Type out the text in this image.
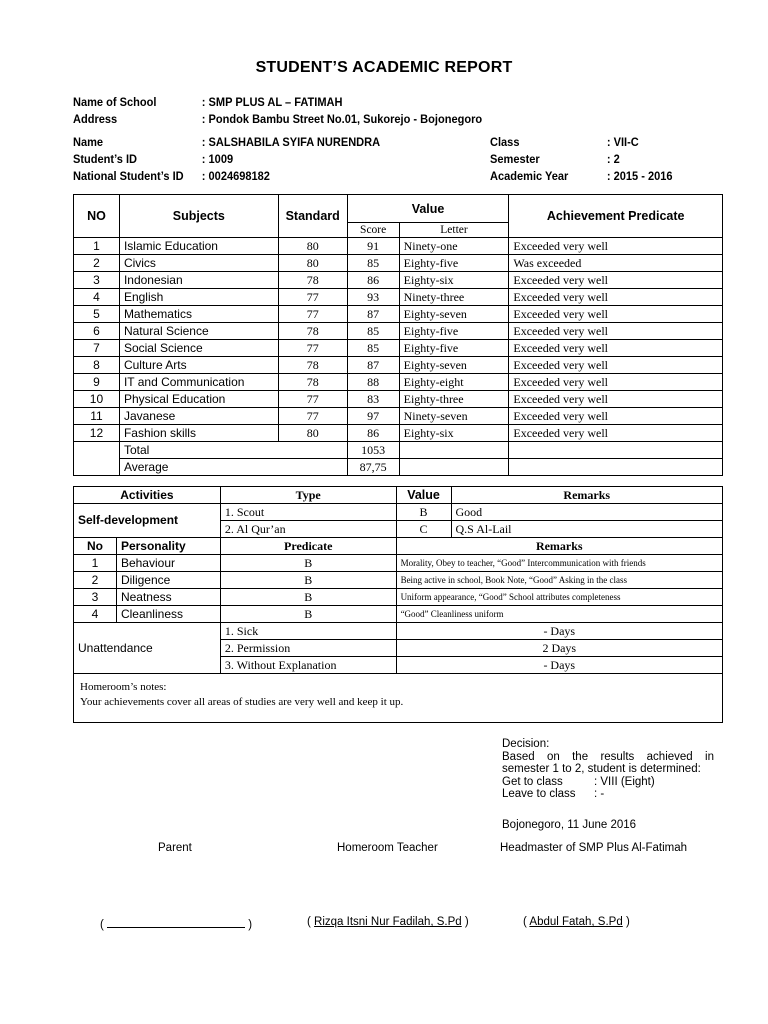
STUDENT’S ACADEMIC REPORT
Name of School	: SMP PLUS AL – FATIMAH
Address	: Pondok Bambu Street No.01, Sukorejo - Bojonegoro
Name	: SALSHABILA SYIFA NURENDRA
Student’s ID	: 1009
National Student’s ID : 0024698182
Class	: VII-C
Semester	: 2
Academic Year	: 2015 - 2016
NO	Subjects	Standard	Value		Achievement Predicate
			Score	Letter	
1	Islamic Education	80	91	Ninety-one	Exceeded very well
2	Civics	80	85	Eighty-five	Was exceeded
3	Indonesian	78	86	Eighty-six	Exceeded very well
4	English	77	93	Ninety-three	Exceeded very well
5	Mathematics	77	87	Eighty-seven	Exceeded very well
6	Natural Science	78	85	Eighty-five	Exceeded very well
7	Social Science	77	85	Eighty-five	Exceeded very well
8	Culture Arts	78	87	Eighty-seven	Exceeded very well
9	IT and Communication	78	88	Eighty-eight	Exceeded very well
10	Physical Education	77	83	Eighty-three	Exceeded very well
11	Javanese	77	97	Ninety-seven	Exceeded very well
12	Fashion skills	80	86	Eighty-six	Exceeded very well
	Total		1053		
	Average		87,75		
Activities		Type	Value	Remarks
Self-development		1. Scout	B	Good
		2. Al Qur’an	C	Q.S Al-Lail
No	Personality	Predicate	Remarks	
1	Behaviour	B	Morality, Obey to teacher, “Good” Intercommunication with friends	
2	Diligence	B	Being active in school, Book Note, “Good” Asking in the class	
3	Neatness	B	Uniform appearance, “Good” School attributes completeness	
4	Cleanliness	B	“Good” Cleanliness uniform	
Unattendance		1. Sick	- Days	
		2. Permission	2 Days	
		3. Without Explanation	- Days	

Homeroom’s notes:
Your achievements cover all areas of studies are very well and keep it up.				
Decision:
Based on the results achieved in
semester 1 to 2, student is determined:
Get to class	: VIII (Eight)
Leave to class	: -
Bojonegoro, 11 June 2016
Parent	Homeroom Teacher	Headmaster of SMP Plus Al-Fatimah
(	)	( Rizqa Itsni Nur Fadilah, S.Pd )	( Abdul Fatah, S.Pd )
